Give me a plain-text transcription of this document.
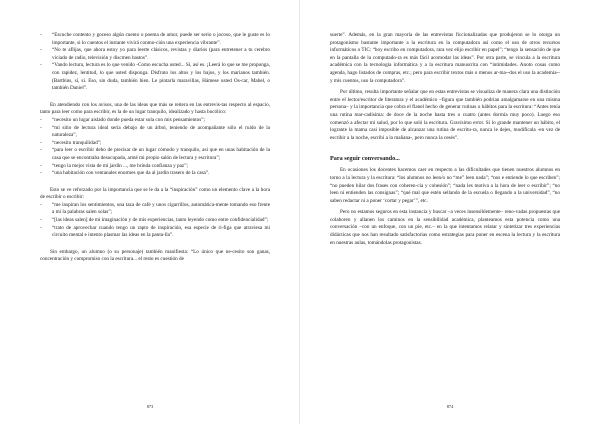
-	“Escuche contento y goceso algún cuento o poema de amor, puede ser serio o jocoso, que le guste es lo importante, si lo cuentos el instante vivirá conmo-ción una experiencia vibrante”.
-	“No te aflijas, que ahora estoy yo para leerte clásicos, revistas y diarios (para entretener a tu cerebro viciado de radio, televisión y discmen bastos”.
-	“Vando lectura, lectura es lo que venido -Como escucha usted... Sí, así es. ¡Leerá lo que se me proponga, con rapidez, lentitud, lo que usted disponga. Disfruto los altos y los bajos, y los marianos también. (Bartbins, sí, sí. Eso, sin duda, también bien. Le pintarla maravillas, Hámese usted Os-car, Mabel, o también Daniel”.

En atendiendo con los avisos, una de las ideas que más se reitera en las entrevis-tas respecto al espacio, tanto para leer como para escribir, es la de un lugar tranquilo, idealizado y hasta bucólico:

-	“necesito un lugar aislado donde pueda estar sola con mis pensamientos”;
-	“mi sitio de lectura ideal sería debajo de un árbol, teniendo de acompañante sólo el ruido de la naturaleza”,
-	“necesito tranquilidad”;
-	“para leer o escribir debo de precisar de un lugar cómodo y tranquilo, así que en unas habitación de la casa que se encontraba desocupada, armé mi propio salón de lectura y escritura”;
-	“tengo la mejor vista de mi jardín ..., me brinda confianza y paz”;
-	“una habitación con ventanales enormes que da al jardín trasero de la casa”.

Esto se ve reforzado por la importancia que se le da a la “inspiración” como un elemento clave a la hora de escribir o escribir:

-	“me inspiran los sentimientos, una taza de café y unos cigarrillos, automática-mente tomando eso frente a mi la palabras salen solas”;
-	“[las ideas salen] de mi imaginación y de mis experiencias, tanto leyendo como entre confidencialidad”;
-	“trato de aprovechar cuando tengo un rapto de inspiración, esa especie de ri-figa que atraviesa mi circuito mental e intento plasmar las ideas en la panta-lla”.

Sin embargo, un alumno (o su personaje) también manifiesta: “Lo único que ne-cesito son ganas, concentración y compromiso con la escritura... el resto es cuestión de

873

suerte”. Además, en la gran mayoría de las entrevistas ficcionalizadas que produjeron se lo otorga un protagonismo bastante importante a la escritura en la computadora así como el uso de otros recursos informáticos o TIC: “hoy escribo en computadora, rara vez elijo escribir en papel”; “tengo la sensación de que en la pantalla de la computado-ra es más fácil acomodar las ideas”. Por otra parte, se vincula a la escritura académica con la tecnología informática y a la escritura manuscrita con “intimidades. Anoto cosas como agenda, hago listados de compras, etc.; pero para escribir textos más o menos ar-ma--dos el uso la academia-- y mis cuentos, uso la computadora”.

Por último, resulta importante señalar que en estas entrevistas se visualiza de manera clara una distinción entre el lector/escritor de literatura y el académico –figura que también podrían amalgamarse en una misma persona– y la importancia que cobra el flanel hecho de generar rutinas o hábitos para la escritura: “Antes tenía una rutina mar-cadísima: de doce de la noche hasta tres o cuatro (antes dormía muy poco). Luego eso comenzó a afectar mi salud, por lo que soló la escritura. Gravísimo error. Sí lo grande mantener un hábito, el logrante la mama casi imposible de alcanzar una rutina de escritu-ra, nunca le dejes, modificala -en vez de escribir a la noche, escribí a la mañana-, pero nunca la cesés”.

Para seguir conversando...

En ocasiones los docentes hacemos caer en respecto a las dificultades que tienen nuestros alumnos en torno a la lectura y la escritura: “los alumnos no leen/o no “me” leen nada”; “nos e entiende lo que escriben”; “no pueden hilar dos frases con coheren-cia y cohesión”; “nada les motiva a la hora de leer o escribir”; “no leen ni entienden las consignas”; “qué mal que estén sellando de la escuela o llegando a la universidad”, “no saben redactar ni a poner ‘cortar y pegar’”, etc.

Pero no estamos seguros en esta instancia y buscar –a veces insensiblemente– reno-vadas propuestas que colaboren y allanen los caminos en la sensibilidad académica, planteamos esta potencia como una conversación –con un enfoque, con un pie, etc.– en la que intentamos relatar y sintetizar tres experiencias didácticas que nos han resultado satisfactorias como estrategias para poner en escena la lectura y la escritura en nuestras aulas, tomándolas protagonistas.

874
